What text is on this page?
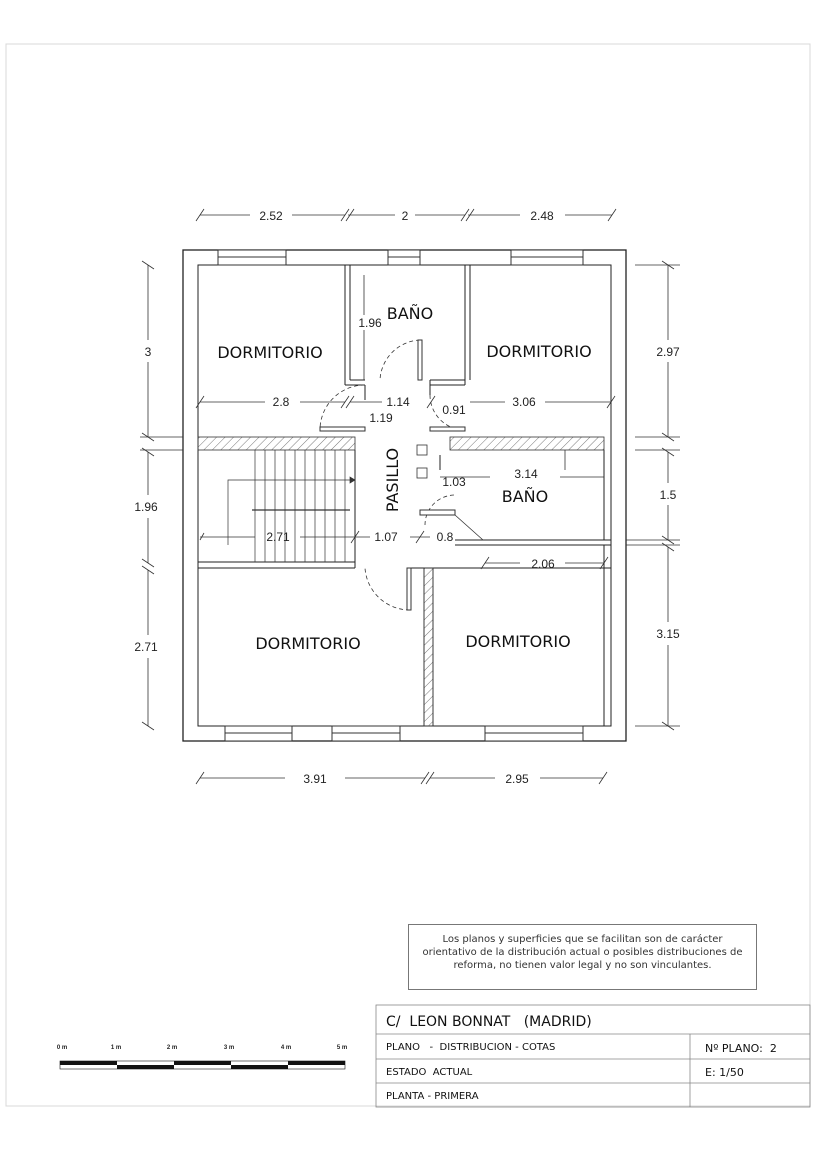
2.52	2	2.48
3.91	2.95
3
1.96
2.71
2.97
1.5
3.15
1.96
2.8	1.14
1.19
0.91
3.06
3.14
1.03
2.71	1.07	0.8
2.06
DORMITORIO
BAÑO
DORMITORIO
PASILLO	BAÑO
DORMITORIO	DORMITORIO
0 m	1 m	2 m	3 m	4 m	5 m
C/  LEON BONNAT   (MADRID)
PLANO   -  DISTRIBUCION - COTAS	Nº PLANO:  2
ESTADO  ACTUAL	E: 1/50
PLANTA - PRIMERA
Los planos y superficies que se facilitan son de carácter orientativo de la distribución actual o posibles distribuciones de reforma, no tienen valor legal y no son vinculantes.
